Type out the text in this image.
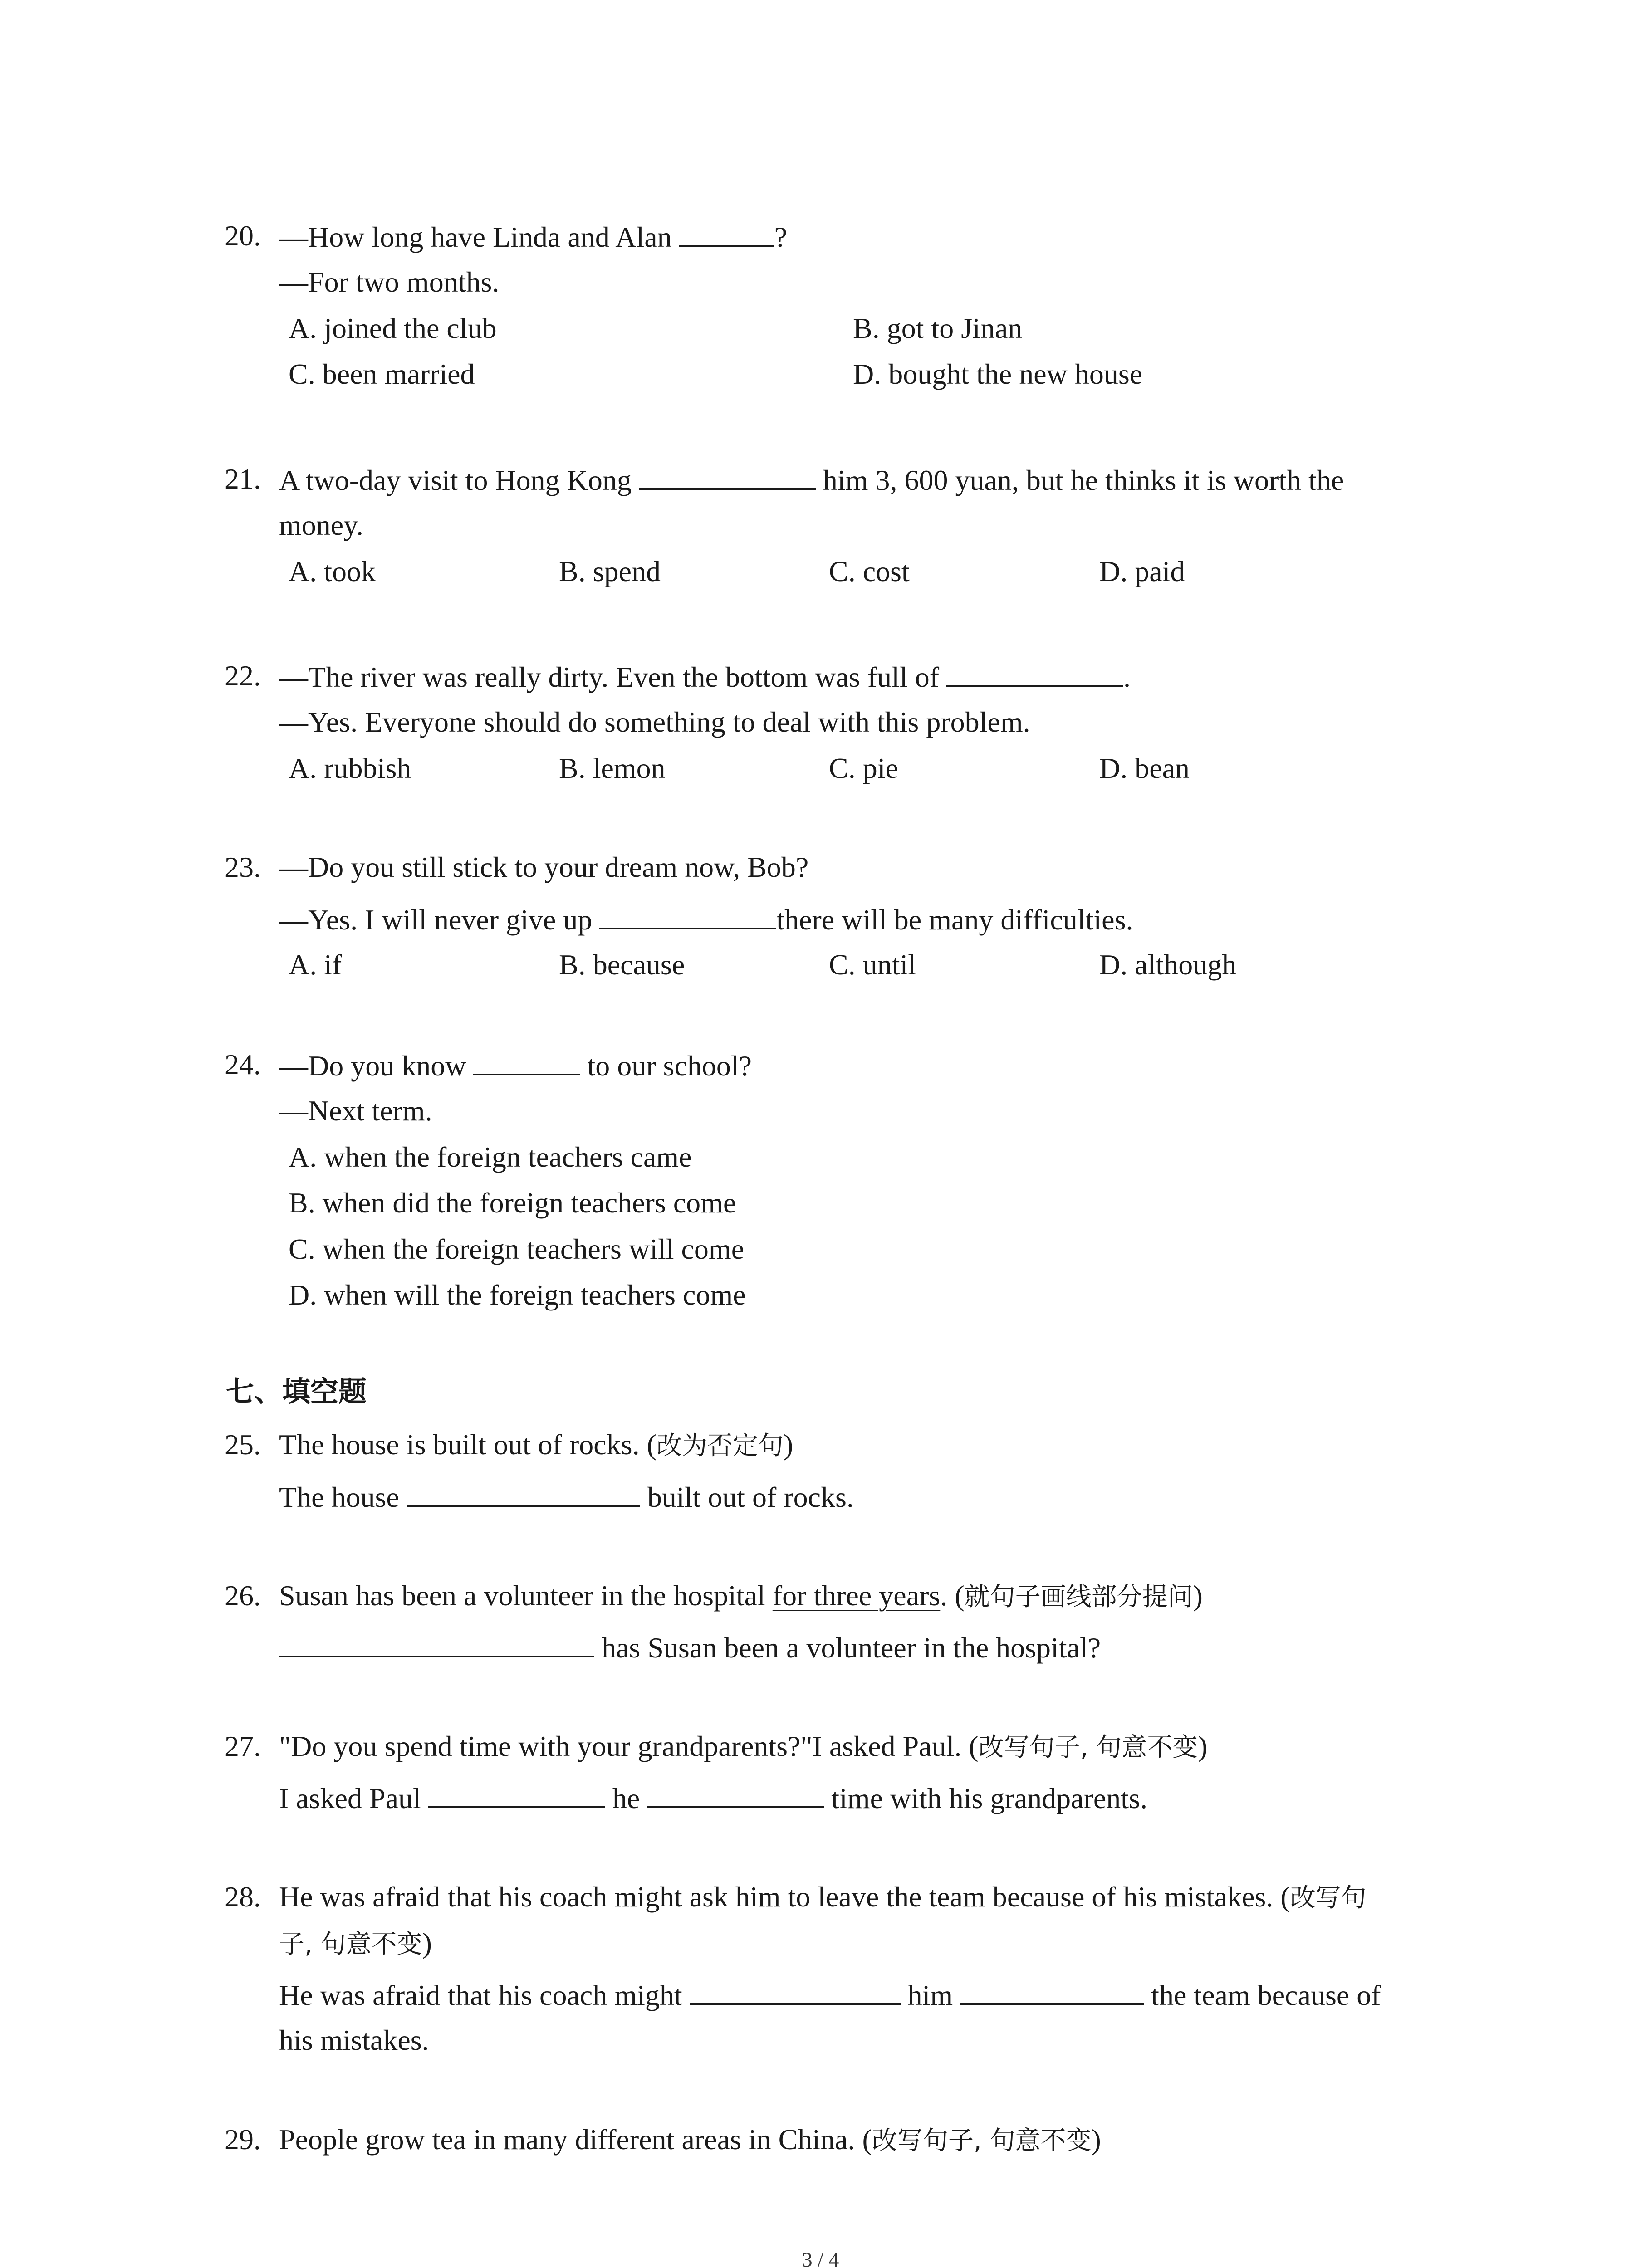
20. —How long have Linda and Alan	?
—For two months.
A. joined the club	B. got to Jinan
C. been married	D. bought the new house
21. A two-day visit to Hong Kong	him 3, 600 yuan, but he thinks it is worth the
money.
A. took	B. spend	C. cost	D. paid
22. —The river was really dirty. Even the bottom was full of	.
—Yes. Everyone should do something to deal with this problem.
A. rubbish	B. lemon	C. pie	D. bean
23. —Do you still stick to your dream now, Bob?
—Yes. I will never give up	there will be many difficulties.
A. if	B. because	C. until	D. although
24. —Do you know	to our school?
—Next term.
A. when the foreign teachers came
B. when did the foreign teachers come
C. when the foreign teachers will come
D. when will the foreign teachers come
七、填空题
25. The house is built out of rocks. (改为否定句)
The house	built out of rocks.
26. Susan has been a volunteer in the hospital for three years. (就句子画线部分提问)
has Susan been a volunteer in the hospital?
27. "Do you spend time with your grandparents?"I asked Paul. (改写句子, 句意不变)
I asked Paul	he	time with his grandparents.
28. He was afraid that his coach might ask him to leave the team because of his mistakes. (改写句
子, 句意不变)
He was afraid that his coach might	him	the team because of
his mistakes.
29. People grow tea in many different areas in China. (改写句子, 句意不变)
3 / 4
